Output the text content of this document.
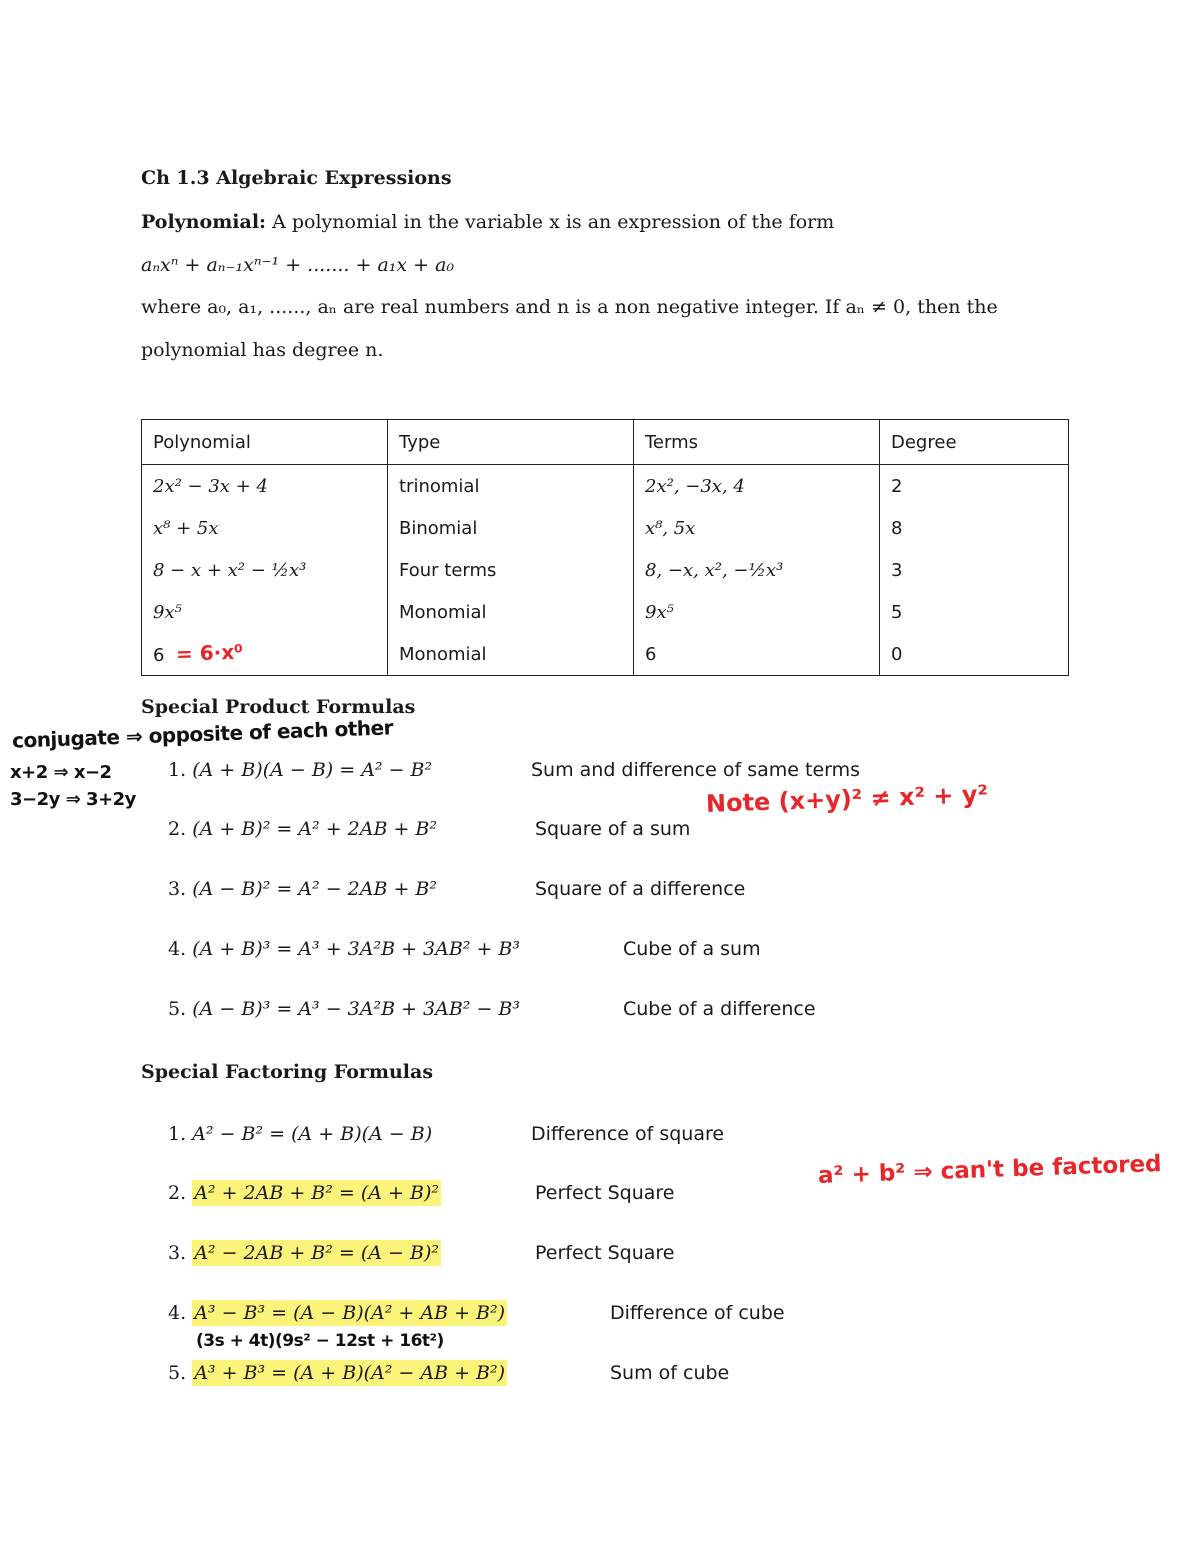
Ch 1.3 Algebraic Expressions
Polynomial: A polynomial in the variable x is an expression of the form
aₙxⁿ + aₙ₋₁xⁿ⁻¹ + ....... + a₁x + a₀
where a₀, a₁, ......, aₙ are real numbers and n is a non negative integer. If aₙ ≠ 0, then the
polynomial has degree n.
Polynomial	Type	Terms	Degree
2x² − 3x + 4	trinomial	2x², −3x, 4	2
x⁸ + 5x	Binomial	x⁸, 5x	8
8 − x + x² − ½x³	Four terms	8, −x, x², −½x³	3
9x⁵	Monomial	9x⁵	5
6 = 6·x⁰	Monomial	6	0
Special Product Formulas
conjugate ⇒ opposite of each other
x+2 ⇒ x−2
3−2y ⇒ 3+2y
1. (A + B)(A − B) = A² − B²	Sum and difference of same terms
2. (A + B)² = A² + 2AB + B²	Square of a sum
Note (x+y)² ≠ x² + y²
3. (A − B)² = A² − 2AB + B²	Square of a difference
4. (A + B)³ = A³ + 3A²B + 3AB² + B³	Cube of a sum
5. (A − B)³ = A³ − 3A²B + 3AB² − B³	Cube of a difference
Special Factoring Formulas
1. A² − B² = (A + B)(A − B)	Difference of square
2. A² + 2AB + B² = (A + B)²	Perfect Square
a² + b² ⇒ can't be factored
3. A² − 2AB + B² = (A − B)²	Perfect Square
4. A³ − B³ = (A − B)(A² + AB + B²)	Difference of cube
(3s + 4t)(9s² − 12st + 16t²)
5. A³ + B³ = (A + B)(A² − AB + B²)	Sum of cube
